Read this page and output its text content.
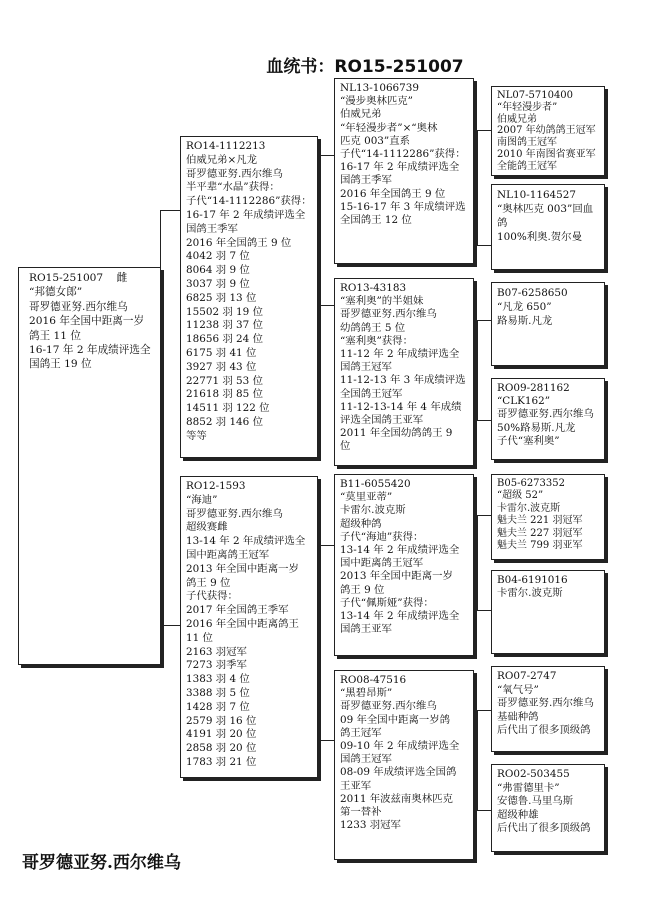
血统书：RO15-251007
RO15-251007    雌
“邦德女郎”
哥罗德亚努.西尔维乌
2016 年全国中距离一岁
鸽王 11 位
16-17 年 2 年成绩评选全
国鸽王 19 位
RO14-1112213
伯威兄弟×凡龙
哥罗德亚努.西尔维乌
半平辈“水晶”获得：
子代“14-1112286”获得：
16-17 年 2 年成绩评选全
国鸽王季军
2016 年全国鸽王 9 位
4042 羽 7 位
8064 羽 9 位
3037 羽 9 位
6825 羽 13 位
15502 羽 19 位
11238 羽 37 位
18656 羽 24 位
6175 羽 41 位
3927 羽 43 位
22771 羽 53 位
21618 羽 85 位
14511 羽 122 位
8852 羽 146 位
等等
RO12-1593
“海迪”
哥罗德亚努.西尔维乌
超级赛雌
13-14 年 2 年成绩评选全
国中距离鸽王冠军
2013 年全国中距离一岁
鸽王 9 位
子代获得：
2017 年全国鸽王季军
2016 年全国中距离鸽王
11 位
2163 羽冠军
7273 羽季军
1383 羽 4 位
3388 羽 5 位
1428 羽 7 位
2579 羽 16 位
4191 羽 20 位
2858 羽 20 位
1783 羽 21 位
NL13-1066739
“漫步奥林匹克”
伯威兄弟
“年轻漫步者”×“奥林
匹克 003”直系
子代“14-1112286”获得：
16-17 年 2 年成绩评选全
国鸽王季军
2016 年全国鸽王 9 位
15-16-17 年 3 年成绩评选
全国鸽王 12 位
RO13-43183
“塞利奥”的半姐妹
哥罗德亚努.西尔维乌
幼鸽鸽王 5 位
“塞利奥”获得：
11-12 年 2 年成绩评选全
国鸽王冠军
11-12-13 年 3 年成绩评选
全国鸽王冠军
11-12-13-14 年 4 年成绩
评选全国鸽王亚军
2011 年全国幼鸽鸽王 9
位
B11-6055420
“莫里亚蒂”
卡雷尔.波克斯
超级种鸽
子代“海迪”获得：
13-14 年 2 年成绩评选全
国中距离鸽王冠军
2013 年全国中距离一岁
鸽王 9 位
子代“佩斯娅”获得：
13-14 年 2 年成绩评选全
国鸽王亚军
RO08-47516
“黑碧昂斯”
哥罗德亚努.西尔维乌
09 年全国中距离一岁鸽
鸽王冠军
09-10 年 2 年成绩评选全
国鸽王冠军
08-09 年成绩评选全国鸽
王亚军
2011 年波兹南奥林匹克
第一替补
1233 羽冠军
NL07-5710400
“年轻漫步者”
伯威兄弟
2007 年幼鸽鸽王冠军
南图鸽王冠军
2010 年南图省赛亚军
全能鸽王冠军
NL10-1164527
“奥林匹克 003”回血鸽
100%利奥.贺尔曼
B07-6258650
“凡龙 650”
路易斯.凡龙
RO09-281162
“CLK162”
哥罗德亚努.西尔维乌
50%路易斯.凡龙
子代“塞利奥”
B05-6273352
“超级 52”
卡雷尔.波克斯
魁夫兰 221 羽冠军
魁夫兰 227 羽冠军
魁夫兰 799 羽亚军
B04-6191016
卡雷尔.波克斯
RO07-2747
“氧气号”
哥罗德亚努.西尔维乌
基础种鸽
后代出了很多顶级鸽
RO02-503455
“弗雷德里卡”
安德鲁.马里乌斯
超级种雄
后代出了很多顶级鸽
哥罗德亚努.西尔维乌
